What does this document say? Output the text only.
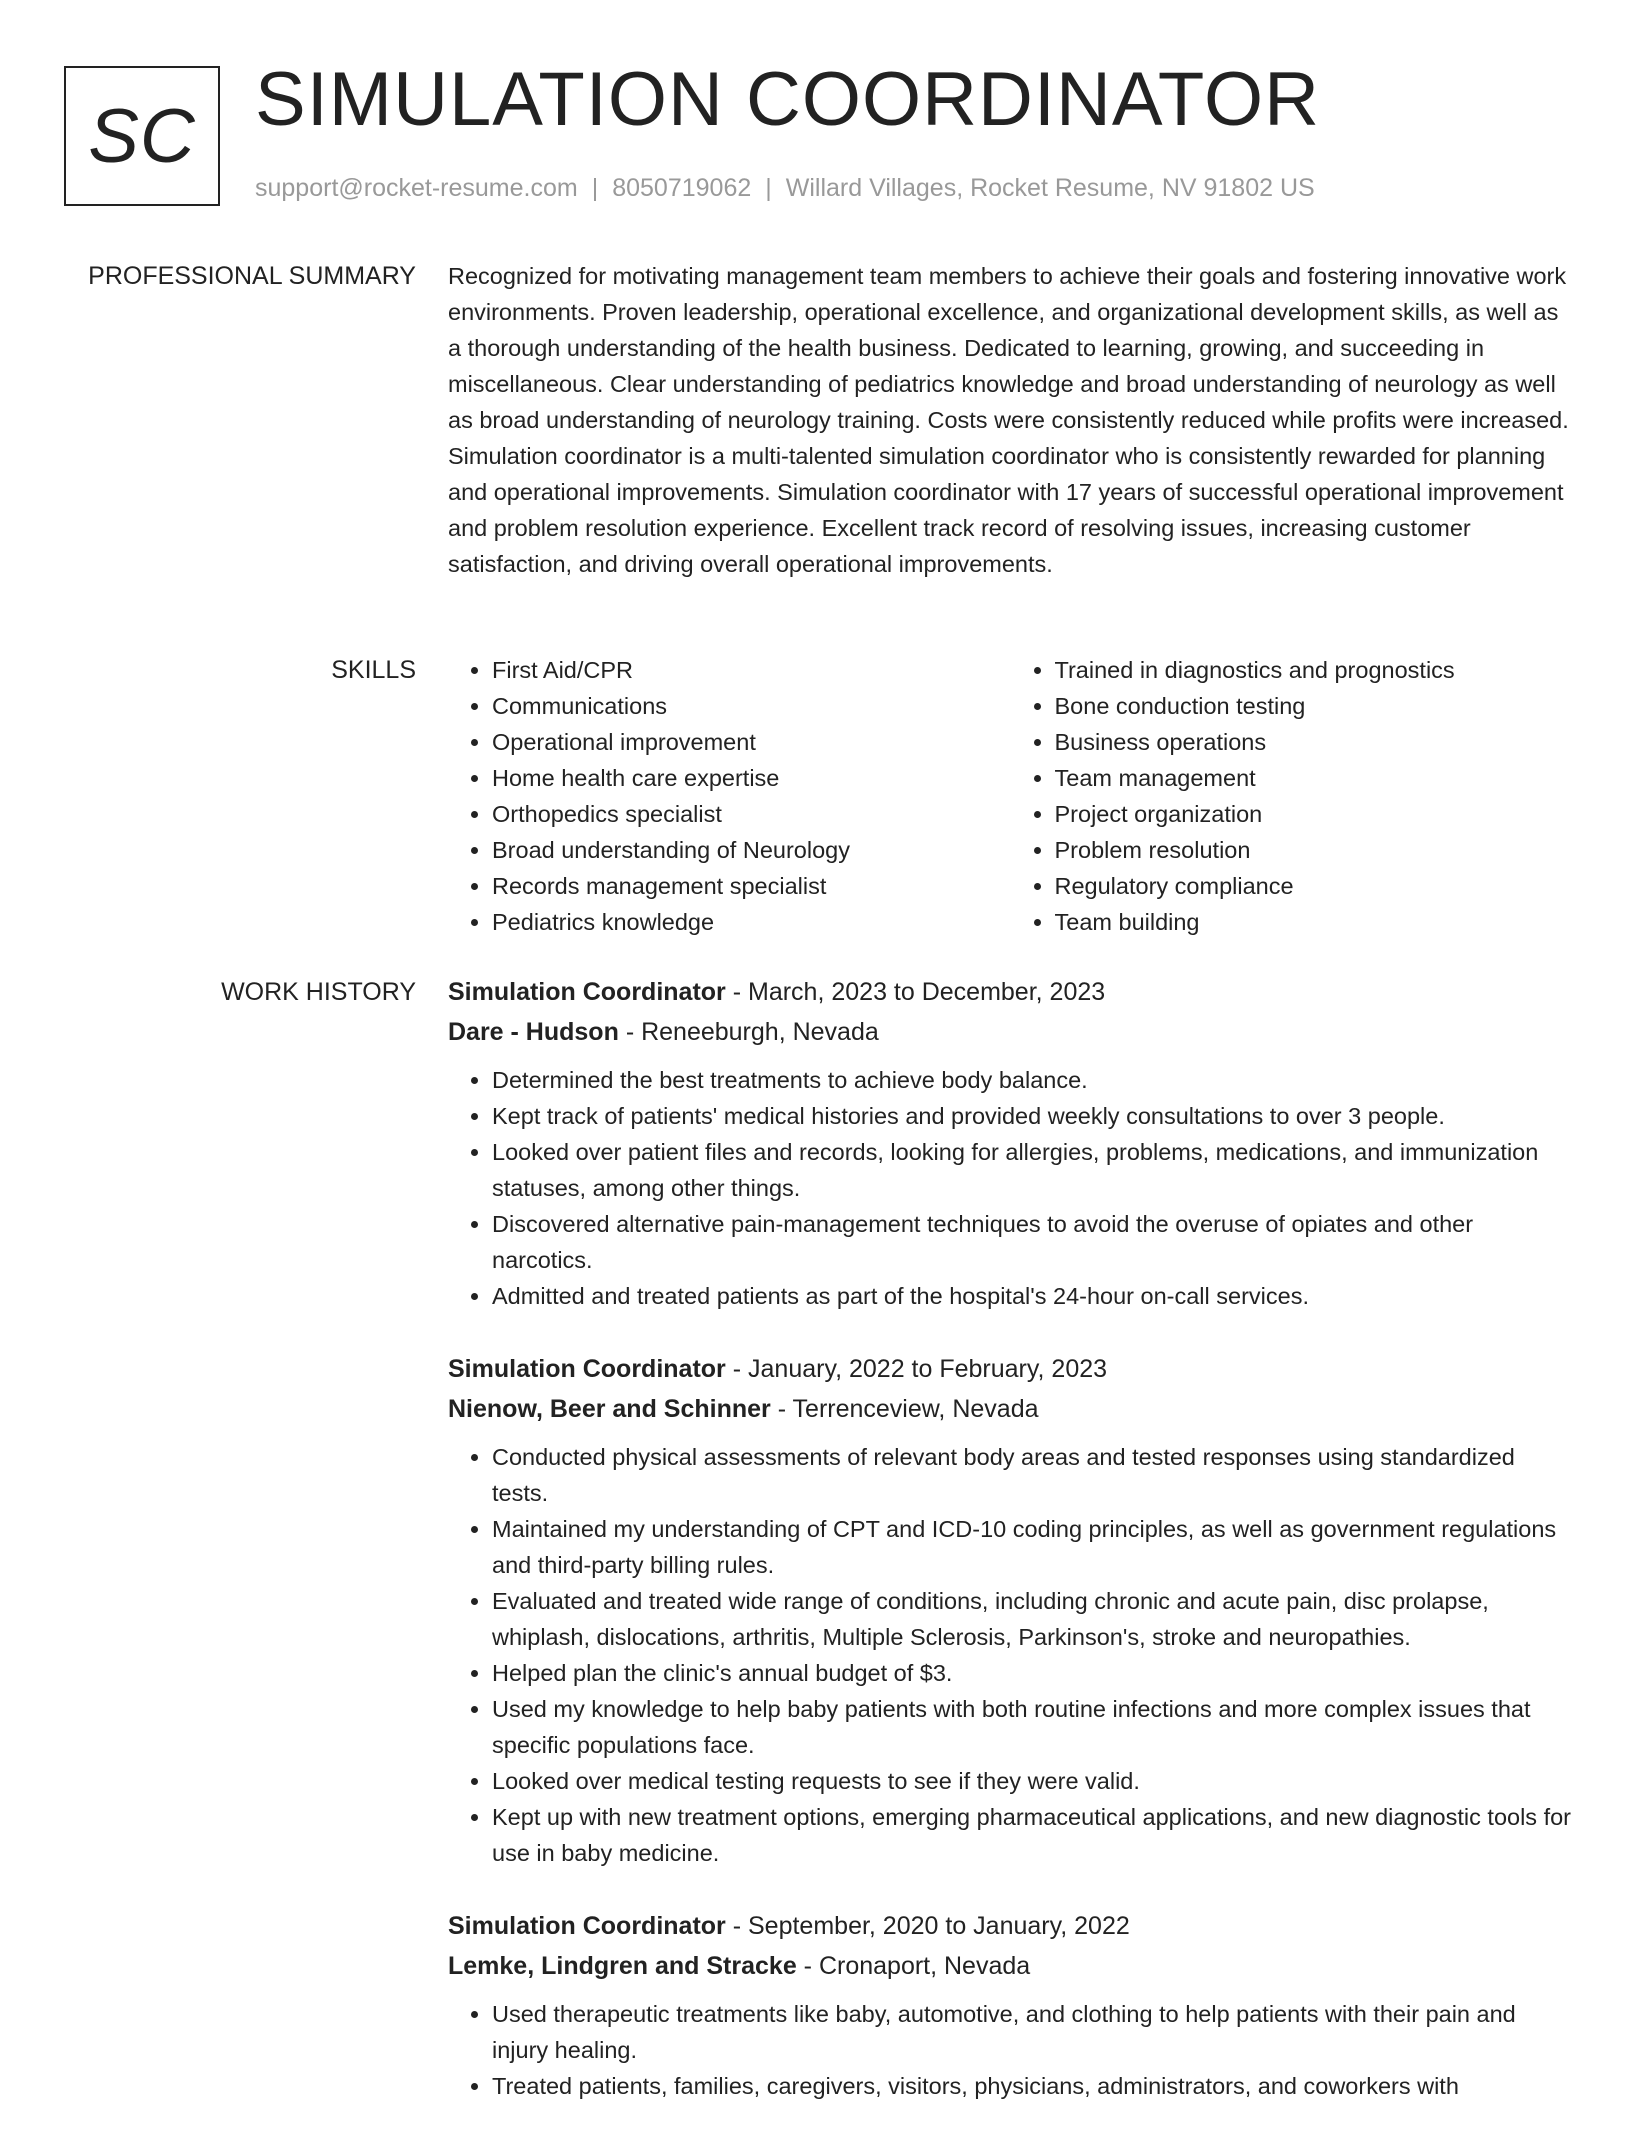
SC SIMULATION COORDINATOR
support@rocket-resume.com | 8050719062 | Willard Villages, Rocket Resume, NV 91802 US
PROFESSIONAL SUMMARY Recognized for motivating management team members to achieve their goals and fostering innovative work environments. Proven leadership, operational excellence, and organizational development skills, as well as a thorough understanding of the health business. Dedicated to learning, growing, and succeeding in miscellaneous. Clear understanding of pediatrics knowledge and broad understanding of neurology as well as broad understanding of neurology training. Costs were consistently reduced while profits were increased. Simulation coordinator is a multi-talented simulation coordinator who is consistently rewarded for planning and operational improvements. Simulation coordinator with 17 years of successful operational improvement and problem resolution experience. Excellent track record of resolving issues, increasing customer satisfaction, and driving overall operational improvements.

SKILLS
•	First Aid/CPR
• Communications
• Operational improvement
• Home health care expertise
• Orthopedics specialist
• Broad understanding of Neurology
• Records management specialist
• Pediatrics knowledge
• Trained in diagnostics and prognostics
• Bone conduction testing
• Business operations
• Team management
• Project organization
• Problem resolution
• Regulatory compliance
• Team building
WORK HISTORY Simulation Coordinator - March, 2023 to December, 2023
Dare - Hudson - Reneeburgh, Nevada
• Determined the best treatments to achieve body balance.
• Kept track of patients' medical histories and provided weekly consultations to over 3 people.
• Looked over patient files and records, looking for allergies, problems, medications, and immunization statuses, among other things.
• Discovered alternative pain-management techniques to avoid the overuse of opiates and other narcotics.
• Admitted and treated patients as part of the hospital's 24-hour on-call services.
Simulation Coordinator - January, 2022 to February, 2023
Nienow, Beer and Schinner - Terrenceview, Nevada
• Conducted physical assessments of relevant body areas and tested responses using standardized tests.
• Maintained my understanding of CPT and ICD-10 coding principles, as well as government regulations and third-party billing rules.
• Evaluated and treated wide range of conditions, including chronic and acute pain, disc prolapse, whiplash, dislocations, arthritis, Multiple Sclerosis, Parkinson's, stroke and neuropathies.
• Helped plan the clinic's annual budget of $3.
• Used my knowledge to help baby patients with both routine infections and more complex issues that specific populations face.
• Looked over medical testing requests to see if they were valid.
• Kept up with new treatment options, emerging pharmaceutical applications, and new diagnostic tools for use in baby medicine.
Simulation Coordinator - September, 2020 to January, 2022
Lemke, Lindgren and Stracke - Cronaport, Nevada
• Used therapeutic treatments like baby, automotive, and clothing to help patients with their pain and injury healing.
• Treated patients, families, caregivers, visitors, physicians, administrators, and coworkers with
